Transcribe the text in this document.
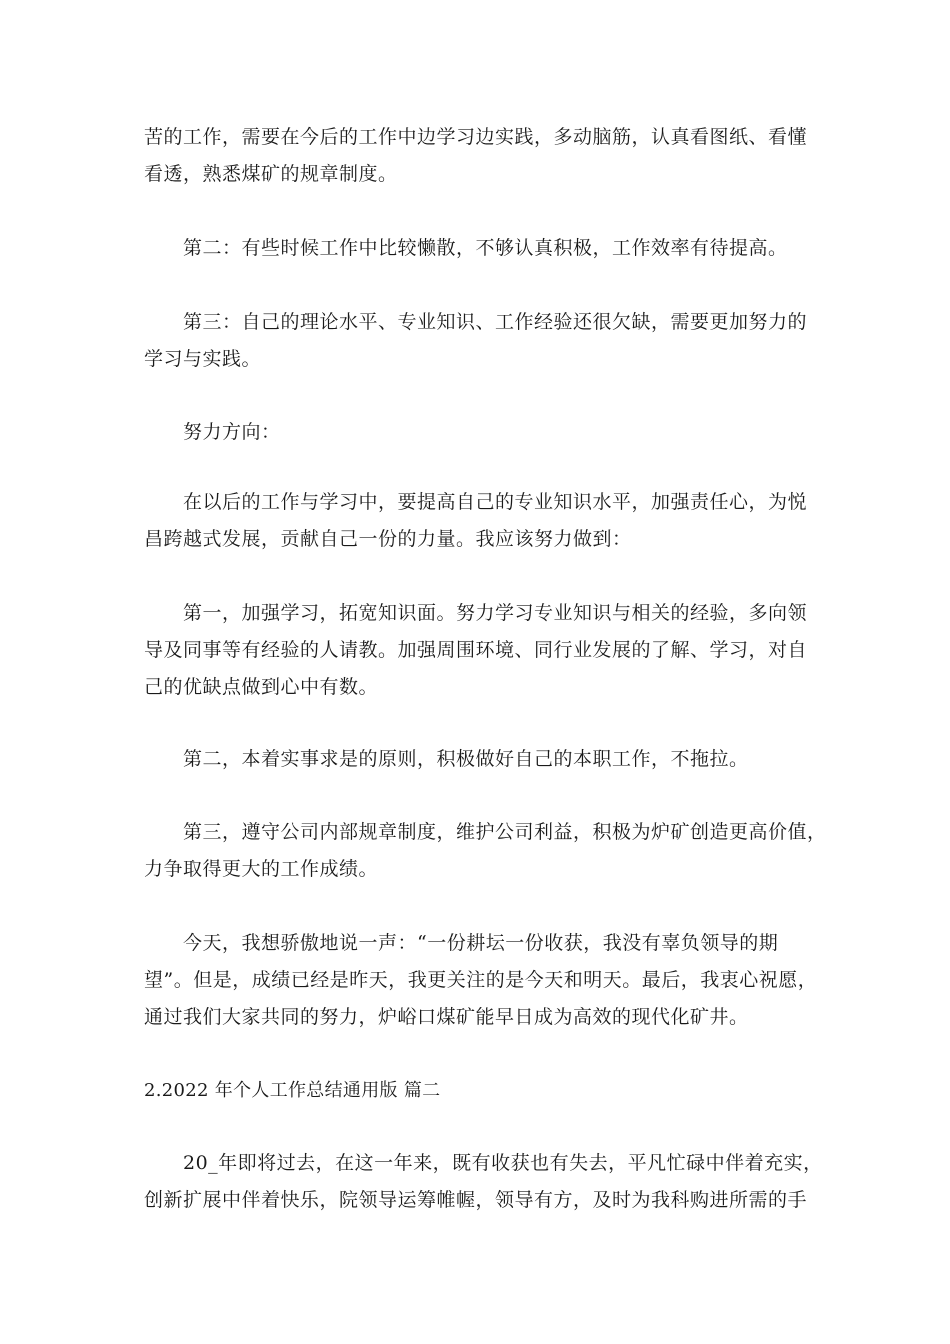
苦的工作，需要在今后的工作中边学习边实践，多动脑筋，认真看图纸、看懂
看透，熟悉煤矿的规章制度。
第二：有些时候工作中比较懒散，不够认真积极，工作效率有待提高。
第三：自己的理论水平、专业知识、工作经验还很欠缺，需要更加努力的
学习与实践。
努力方向：
在以后的工作与学习中，要提高自己的专业知识水平，加强责任心，为悦
昌跨越式发展，贡献自己一份的力量。我应该努力做到：
第一，加强学习，拓宽知识面。努力学习专业知识与相关的经验，多向领
导及同事等有经验的人请教。加强周围环境、同行业发展的了解、学习，对自
己的优缺点做到心中有数。
第二，本着实事求是的原则，积极做好自己的本职工作，不拖拉。
第三，遵守公司内部规章制度，维护公司利益，积极为炉矿创造更高价值，
力争取得更大的工作成绩。
今天，我想骄傲地说一声：“一份耕坛一份收获，我没有辜负领导的期
望”。但是，成绩已经是昨天，我更关注的是今天和明天。最后，我衷心祝愿，
通过我们大家共同的努力，炉峪口煤矿能早日成为高效的现代化矿井。
2.2022 年个人工作总结通用版 篇二
20_年即将过去，在这一年来，既有收获也有失去，平凡忙碌中伴着充实，
创新扩展中伴着快乐，院领导运筹帷幄，领导有方，及时为我科购进所需的手
